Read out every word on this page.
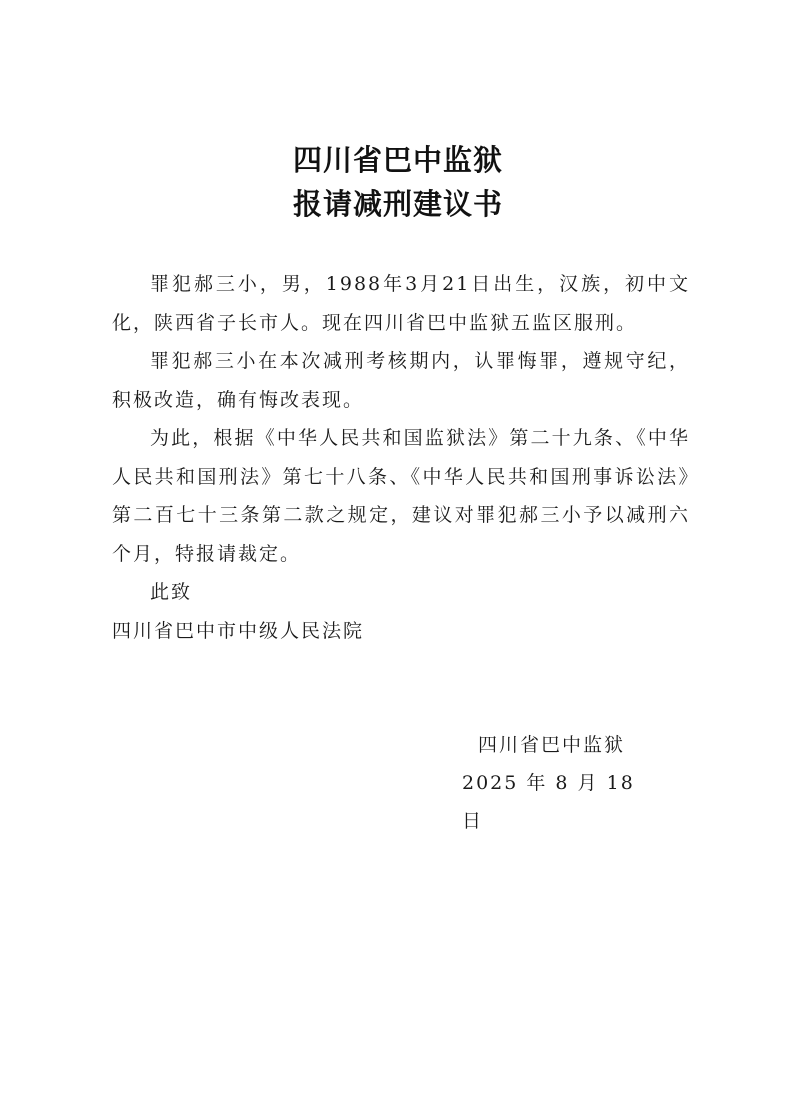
四川省巴中监狱
报请减刑建议书

罪犯郝三小，男，1988年3月21日出生，汉族，初中文化，陕西省子长市人。现在四川省巴中监狱五监区服刑。

罪犯郝三小在本次减刑考核期内，认罪悔罪，遵规守纪，积极改造，确有悔改表现。

为此，根据《中华人民共和国监狱法》第二十九条、《中华人民共和国刑法》第七十八条、《中华人民共和国刑事诉讼法》第二百七十三条第二款之规定，建议对罪犯郝三小予以减刑六个月，特报请裁定。

此致

四川省巴中市中级人民法院

四川省巴中监狱
2025 年 8 月 18 日
